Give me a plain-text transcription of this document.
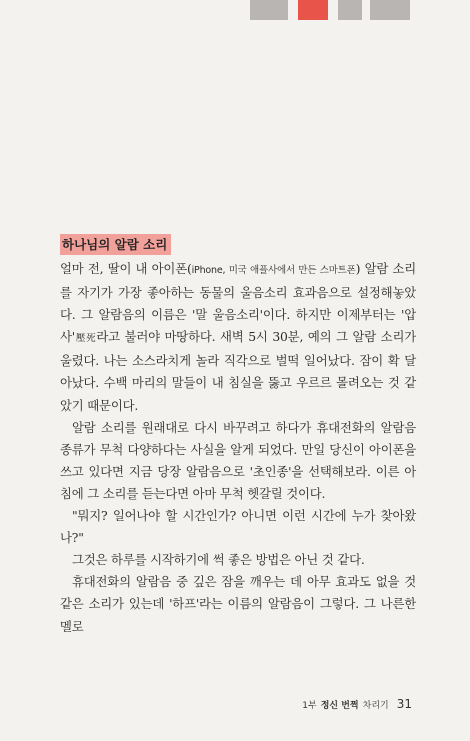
하나님의 알람 소리

얼마 전, 딸이 내 아이폰(iPhone, 미국 애플사에서 만든 스마트폰) 알람 소리를 자기가 가장 좋아하는 동물의 울음소리 효과음으로 설정해놓았다. 그 알람음의 이름은 '말 울음소리'이다. 하지만 이제부터는 '압사'壓死라고 불러야 마땅하다. 새벽 5시 30분, 예의 그 알람 소리가 울렸다. 나는 소스라치게 놀라 직각으로 벌떡 일어났다. 잠이 확 달아났다. 수백 마리의 말들이 내 침실을 뚫고 우르르 몰려오는 것 같았기 때문이다.

알람 소리를 원래대로 다시 바꾸려고 하다가 휴대전화의 알람음 종류가 무척 다양하다는 사실을 알게 되었다. 만일 당신이 아이폰을 쓰고 있다면 지금 당장 알람음으로 '초인종'을 선택해보라. 이른 아침에 그 소리를 듣는다면 아마 무척 헷갈릴 것이다.

"뭐지? 일어나야 할 시간인가? 아니면 이런 시간에 누가 찾아왔나?"

그것은 하루를 시작하기에 썩 좋은 방법은 아닌 것 같다.

휴대전화의 알람음 중 깊은 잠을 깨우는 데 아무 효과도 없을 것 같은 소리가 있는데 '하프'라는 이름의 알람음이 그렇다. 그 나른한 멜로

1부 정신 번쩍 차리기 31
